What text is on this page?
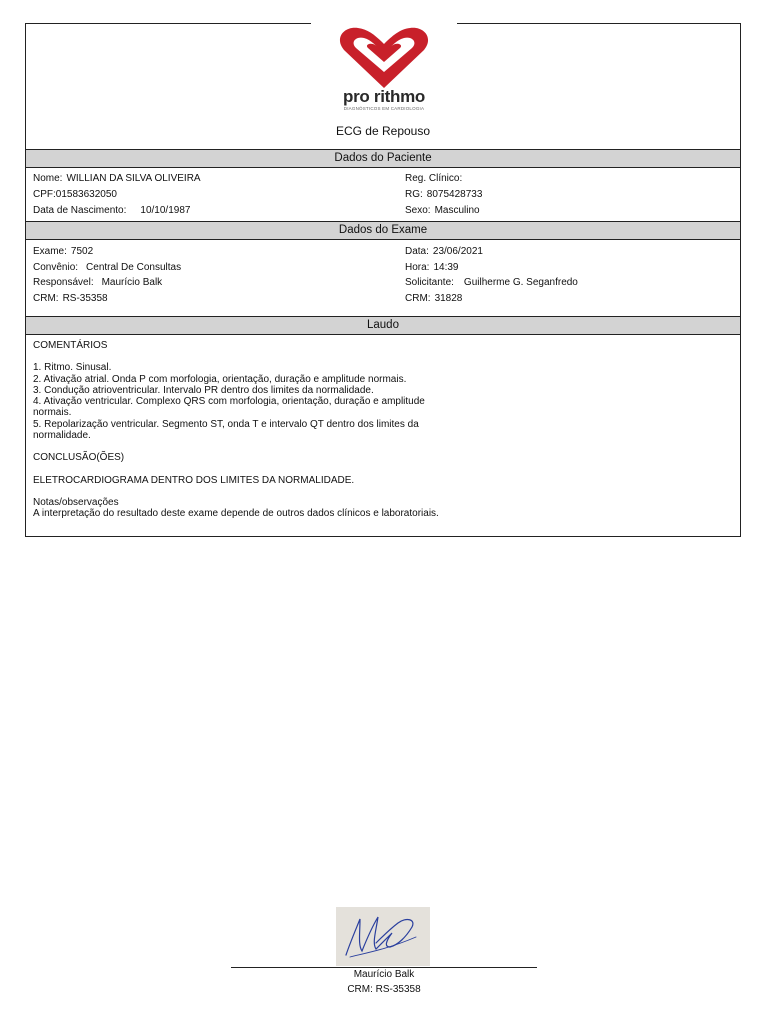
pro rithmo
DIAGNÓSTICOS EM CARDIOLOGIA
ECG de Repouso
Dados do Paciente
Nome: WILLIAN DA SILVA OLIVEIRA
CPF:01583632050
Data de Nascimento: 10/10/1987
Reg. Clínico:
RG: 8075428733
Sexo: Masculino
Dados do Exame
Exame: 7502
Convênio: Central De Consultas
Responsável: Maurício Balk
CRM: RS-35358
Data: 23/06/2021
Hora: 14:39
Solicitante: Guilherme G. Seganfredo
CRM: 31828
Laudo

COMENTÁRIOS

1. Ritmo. Sinusal.

2. Ativação atrial. Onda P com morfologia, orientação, duração e amplitude normais.

3. Condução atrioventricular. Intervalo PR dentro dos limites da normalidade.

4. Ativação ventricular. Complexo QRS com morfologia, orientação, duração e amplitude normais.

5. Repolarização ventricular. Segmento ST, onda T e intervalo QT dentro dos limites da normalidade.

CONCLUSÃO(ÕES)

ELETROCARDIOGRAMA DENTRO DOS LIMITES DA NORMALIDADE.

Notas/observações

A interpretação do resultado deste exame depende de outros dados clínicos e laboratoriais.

Maurício Balk
CRM: RS-35358
